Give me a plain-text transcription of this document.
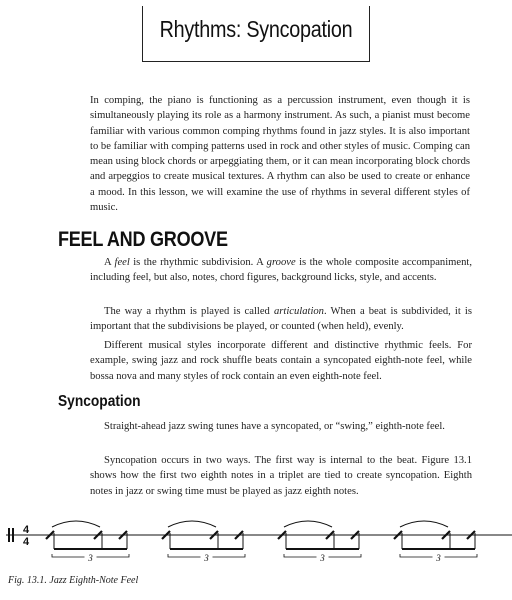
Rhythms: Syncopation

In comping, the piano is functioning as a percussion instrument, even though it is simultaneously playing its role as a harmony instrument. As such, a pianist must become familiar with various common comping rhythms found in jazz styles. It is also important to be familiar with comping patterns used in rock and other styles of music. Comping can mean using block chords or arpeggiating them, or it can mean incorporating block chords and arpeggios to create musical textures. A rhythm can also be used to create or enhance a mood. In this lesson, we will examine the use of rhythms in several different styles of music.

FEEL AND GROOVE

A feel is the rhythmic subdivision. A groove is the whole composite accompaniment, including feel, but also, notes, chord figures, background licks, style, and accents.

The way a rhythm is played is called articulation. When a beat is subdivided, it is important that the subdivisions be played, or counted (when held), evenly.

Different musical styles incorporate different and distinctive rhythmic feels. For example, swing jazz and rock shuffle beats contain a syncopated eighth-note feel, while bossa nova and many styles of rock contain an even eighth-note feel.

Syncopation

Straight-ahead jazz swing tunes have a syncopated, or “swing,” eighth-note feel.

Syncopation occurs in two ways. The first way is internal to the beat. Figure 13.1 shows how the first two eighth notes in a triplet are tied to create syncopation. Eighth notes in jazz or swing time must be played as jazz eighth notes.

4
4
3	3	3	3

Fig. 13.1. Jazz Eighth-Note Feel
